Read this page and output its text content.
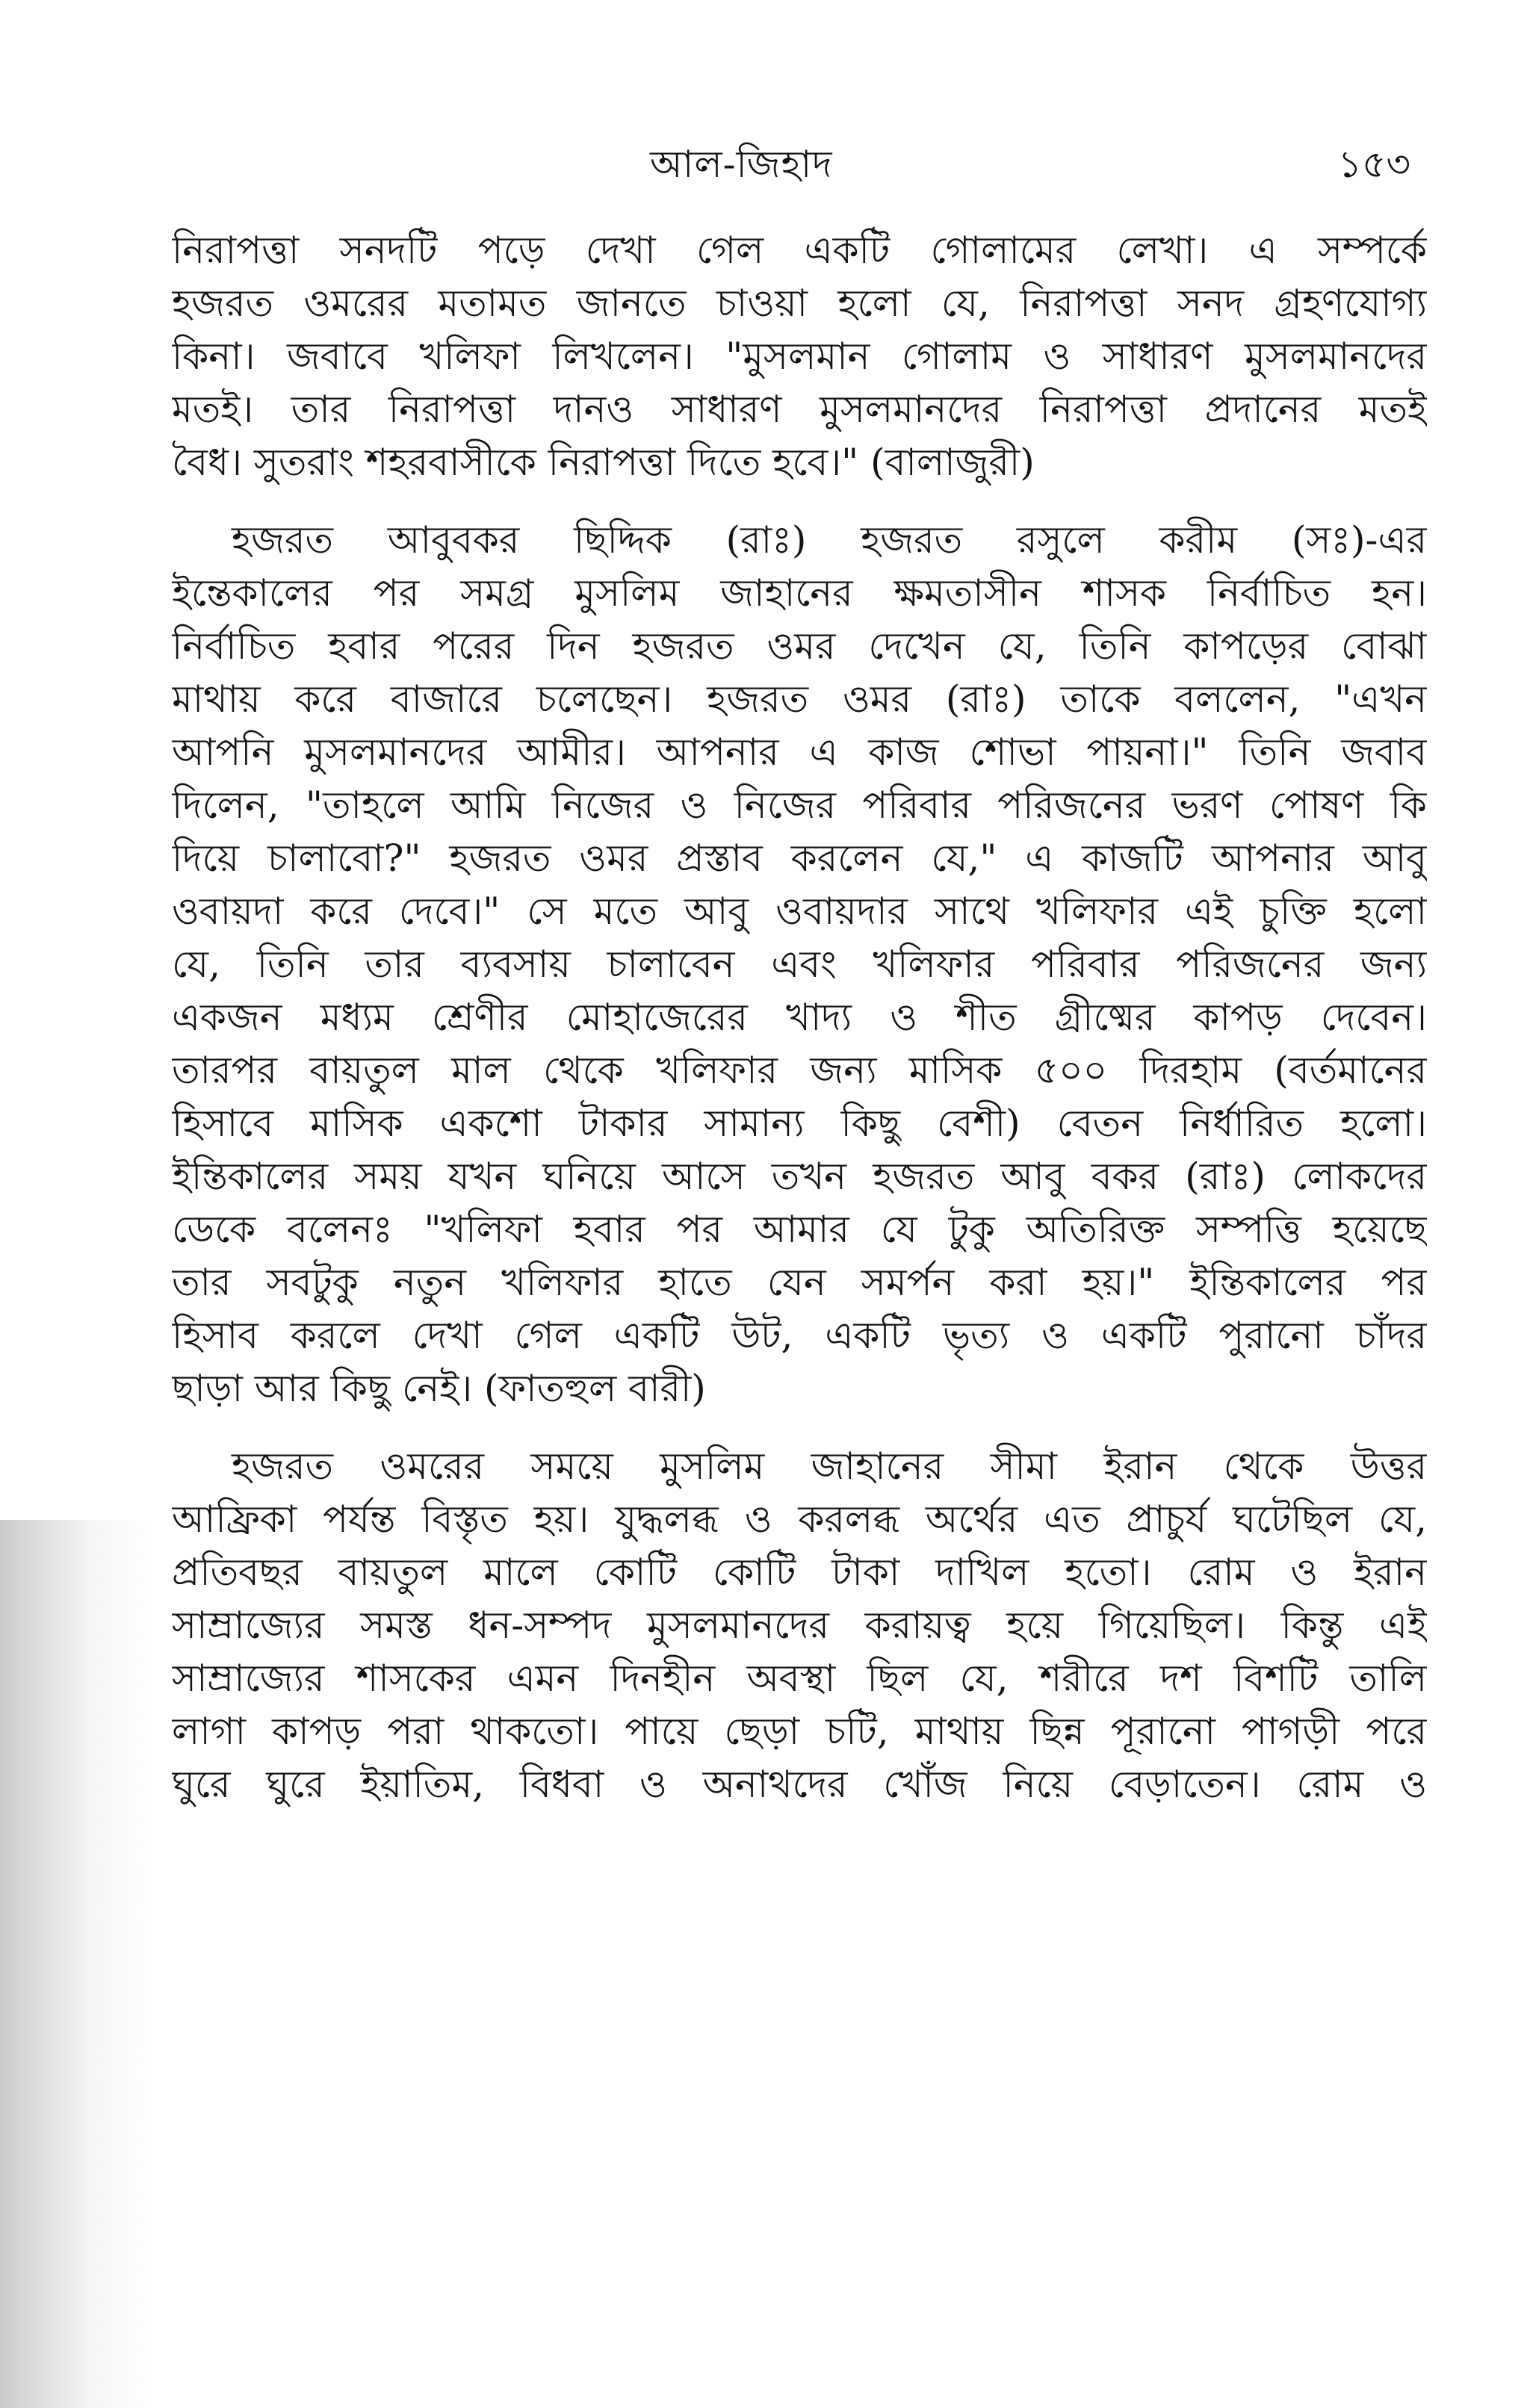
আল-জিহাদ	১৫৩

নিরাপত্তা সনদটি পড়ে দেখা গেল একটি গোলামের লেখা। এ সম্পর্কে
হজরত ওমরের মতামত জানতে চাওয়া হলো যে, নিরাপত্তা সনদ গ্রহণযোগ্য
কিনা। জবাবে খলিফা লিখলেন। "মুসলমান গোলাম ও সাধারণ মুসলমানদের
মতই। তার নিরাপত্তা দানও সাধারণ মুসলমানদের নিরাপত্তা প্রদানের মতই
বৈধ। সুতরাং শহরবাসীকে নিরাপত্তা দিতে হবে।" (বালাজুরী)

হজরত আবুবকর ছিদ্দিক (রাঃ) হজরত রসুলে করীম (সঃ)-এর
ইন্তেকালের পর সমগ্র মুসলিম জাহানের ক্ষমতাসীন শাসক নির্বাচিত হন।
নির্বাচিত হবার পরের দিন হজরত ওমর দেখেন যে, তিনি কাপড়ের বোঝা
মাথায় করে বাজারে চলেছেন। হজরত ওমর (রাঃ) তাকে বললেন, "এখন
আপনি মুসলমানদের আমীর। আপনার এ কাজ শোভা পায়না।" তিনি জবাব
দিলেন, "তাহলে আমি নিজের ও নিজের পরিবার পরিজনের ভরণ পোষণ কি
দিয়ে চালাবো?" হজরত ওমর প্রস্তাব করলেন যে," এ কাজটি আপনার আবু
ওবায়দা করে দেবে।" সে মতে আবু ওবায়দার সাথে খলিফার এই চুক্তি হলো
যে, তিনি তার ব্যবসায় চালাবেন এবং খলিফার পরিবার পরিজনের জন্য
একজন মধ্যম শ্রেণীর মোহাজেরের খাদ্য ও শীত গ্রীষ্মের কাপড় দেবেন।
তারপর বায়তুল মাল থেকে খলিফার জন্য মাসিক ৫০০ দিরহাম (বর্তমানের
হিসাবে মাসিক একশো টাকার সামান্য কিছু বেশী) বেতন নির্ধারিত হলো।
ইন্তিকালের সময় যখন ঘনিয়ে আসে তখন হজরত আবু বকর (রাঃ) লোকদের
ডেকে বলেনঃ "খলিফা হবার পর আমার যে টুকু অতিরিক্ত সম্পত্তি হয়েছে
তার সবটুকু নতুন খলিফার হাতে যেন সমর্পন করা হয়।" ইন্তিকালের পর
হিসাব করলে দেখা গেল একটি উট, একটি ভৃত্য ও একটি পুরানো চাঁদর
ছাড়া আর কিছু নেই। (ফাতহুল বারী)

হজরত ওমরের সময়ে মুসলিম জাহানের সীমা ইরান থেকে উত্তর
আফ্রিকা পর্যন্ত বিস্তৃত হয়। যুদ্ধলব্ধ ও করলব্ধ অর্থের এত প্রাচুর্য ঘটেছিল যে,
প্রতিবছর বায়তুল মালে কোটি কোটি টাকা দাখিল হতো। রোম ও ইরান
সাম্রাজ্যের সমস্ত ধন-সম্পদ মুসলমানদের করায়ত্ব হয়ে গিয়েছিল। কিন্তু এই
সাম্রাজ্যের শাসকের এমন দিনহীন অবস্থা ছিল যে, শরীরে দশ বিশটি তালি
লাগা কাপড় পরা থাকতো। পায়ে ছেড়া চটি, মাথায় ছিন্ন পূরানো পাগড়ী পরে
ঘুরে ঘুরে ইয়াতিম, বিধবা ও অনাথদের খোঁজ নিয়ে বেড়াতেন। রোম ও
